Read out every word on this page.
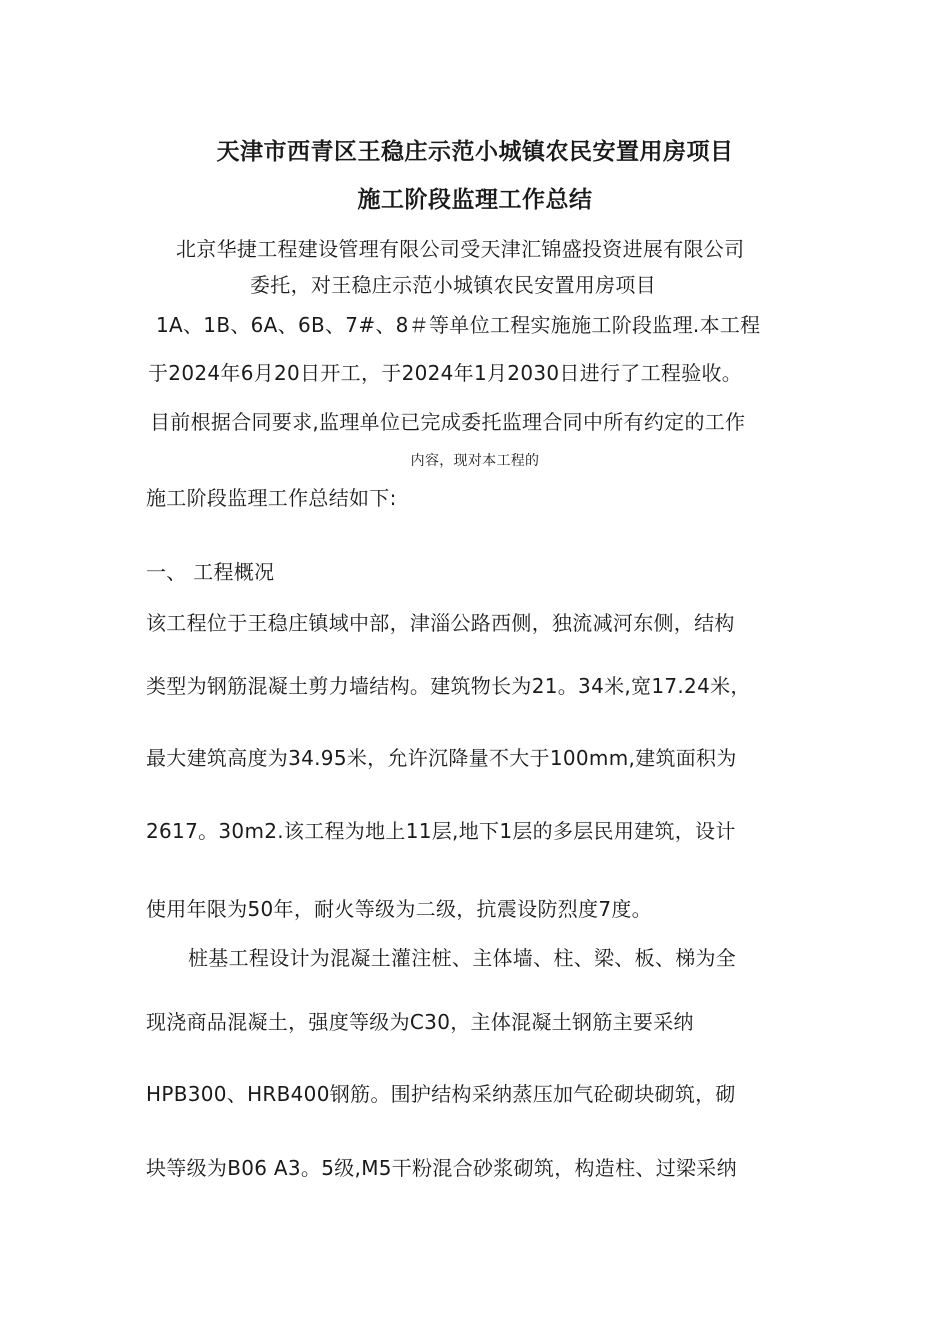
天津市西青区王稳庄示范小城镇农民安置用房项目
施工阶段监理工作总结
北京华捷工程建设管理有限公司受天津汇锦盛投资进展有限公司
委托，对王稳庄示范小城镇农民安置用房项目
1A、1B、6A、6B、7#、8＃等单位工程实施施工阶段监理.本工程
于2024年6月20日开工，于2024年1月2030日进行了工程验收。
目前根据合同要求,监理单位已完成委托监理合同中所有约定的工作
内容，现对本工程的
施工阶段监理工作总结如下:
一、 工程概况
该工程位于王稳庄镇域中部，津淄公路西侧，独流减河东侧，结构
类型为钢筋混凝土剪力墙结构。建筑物长为21。34米,宽17.24米，
最大建筑高度为34.95米，允许沉降量不大于100mm,建筑面积为
2617。30m2.该工程为地上11层,地下1层的多层民用建筑，设计
使用年限为50年，耐火等级为二级，抗震设防烈度7度。
桩基工程设计为混凝土灌注桩、主体墙、柱、梁、板、梯为全
现浇商品混凝土，强度等级为C30，主体混凝土钢筋主要采纳
HPB300、HRB400钢筋。围护结构采纳蒸压加气砼砌块砌筑，砌
块等级为B06 A3。5级,M5干粉混合砂浆砌筑，构造柱、过梁采纳
